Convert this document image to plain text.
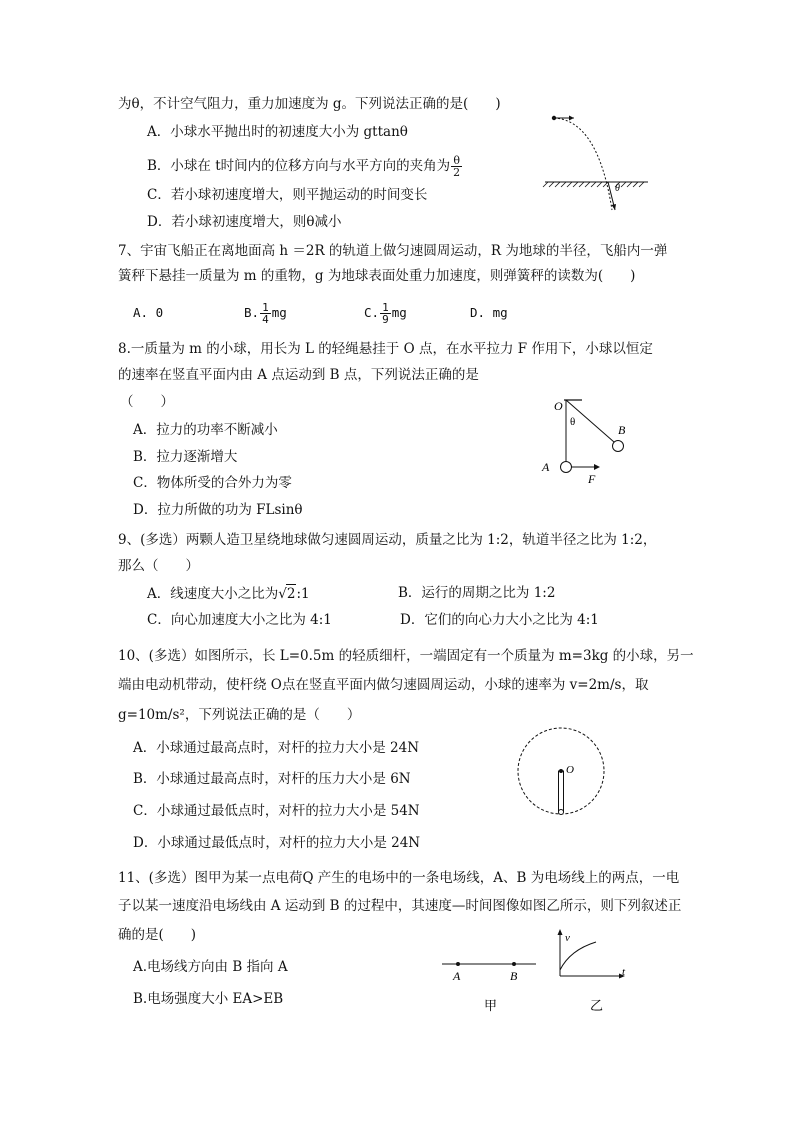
为θ，不计空气阻力，重力加速度为 g。下列说法正确的是(　　)
A．小球水平抛出时的初速度大小为 gttanθ
B．小球在 t时间内的位移方向与水平方向的夹角为 $\frac{\theta}{2}$
C．若小球初速度增大，则平抛运动的时间变长
D．若小球初速度增大，则θ减小
θ
7、宇宙飞船正在离地面高 h ＝2R 的轨道上做匀速圆周运动，R 为地球的半径，飞船内一弹
簧秤下悬挂一质量为 m 的重物，g 为地球表面处重力加速度，则弹簧秤的读数为(　　)
A. 0	B. $\frac{1}{4}$ mg	C. $\frac{1}{9}$ mg	D. mg
8.一质量为 m 的小球，用长为 L 的轻绳悬挂于 O 点，在水平拉力 F 作用下，小球以恒定
的速率在竖直平面内由 A 点运动到 B 点，下列说法正确的是
（　　）
A．拉力的功率不断减小
B．拉力逐渐增大
C．物体所受的合外力为零
D．拉力所做的功为 FLsinθ
O
θ
B
A
F
9、(多选）两颗人造卫星绕地球做匀速圆周运动，质量之比为 1:2，轨道半径之比为 1:2，
那么（　　）
A．线速度大小之比为√2:1	B．运行的周期之比为 1:2
C．向心加速度大小之比为 4:1	D．它们的向心力大小之比为 4:1
10、(多选）如图所示，长 L=0.5m 的轻质细杆，一端固定有一个质量为 m=3kg 的小球，另一
端由电动机带动，使杆绕 O点在竖直平面内做匀速圆周运动，小球的速率为 v=2m/s，取
g=10m/s²，下列说法正确的是（　　）
A．小球通过最高点时，对杆的拉力大小是 24N
B．小球通过最高点时，对杆的压力大小是 6N
C．小球通过最低点时，对杆的拉力大小是 54N
D．小球通过最低点时，对杆的拉力大小是 24N
O
11、(多选）图甲为某一点电荷Q 产生的电场中的一条电场线，A、B 为电场线上的两点，一电
子以某一速度沿电场线由 A 运动到 B 的过程中，其速度—时间图像如图乙所示，则下列叙述正
确的是(　　)
A.电场线方向由 B 指向 A
B.电场强度大小 EA>EB
A	B
甲
v
t
乙
